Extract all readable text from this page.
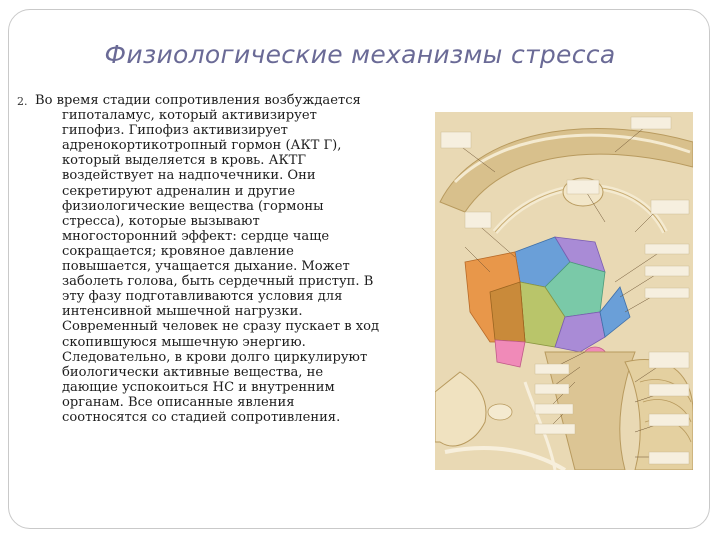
Физиологические механизмы стресса
2. Во время стадии сопротивления возбуждается
гипоталамус, который активизирует
гипофиз. Гипофиз активизирует
адренокортикотропный гормон (АКТ Г),
который выделяется в кровь. АКТГ
воздействует на надпочечники. Они
секретируют адреналин и другие
физиологические вещества (гормоны
стресса), которые вызывают
многосторонний эффект: сердце чаще
сокращается; кровяное давление
повышается, учащается дыхание. Может
заболеть голова, быть сердечный приступ. В
эту фазу подготавливаются условия для
интенсивной мышечной нагрузки.
Современный человек не сразу пускает в ход
скопившуюся мышечную энергию.
Следовательно, в крови долго циркулируют
биологически активные вещества, не
дающие успокоиться НС и внутренним
органам. Все описанные явления
соотносятся со стадией сопротивления.
